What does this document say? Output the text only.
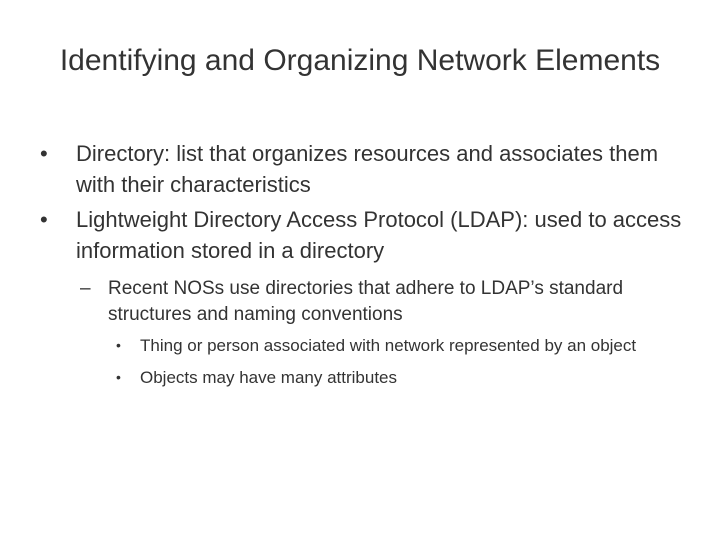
Identifying and Organizing Network Elements
•	Directory: list that organizes resources and associates them with their characteristics
•	Lightweight Directory Access Protocol (LDAP): used to access information stored in a directory
– Recent NOSs use directories that adhere to LDAP’s standard structures and naming conventions
• Thing or person associated with network represented by an object
• Objects may have many attributes
